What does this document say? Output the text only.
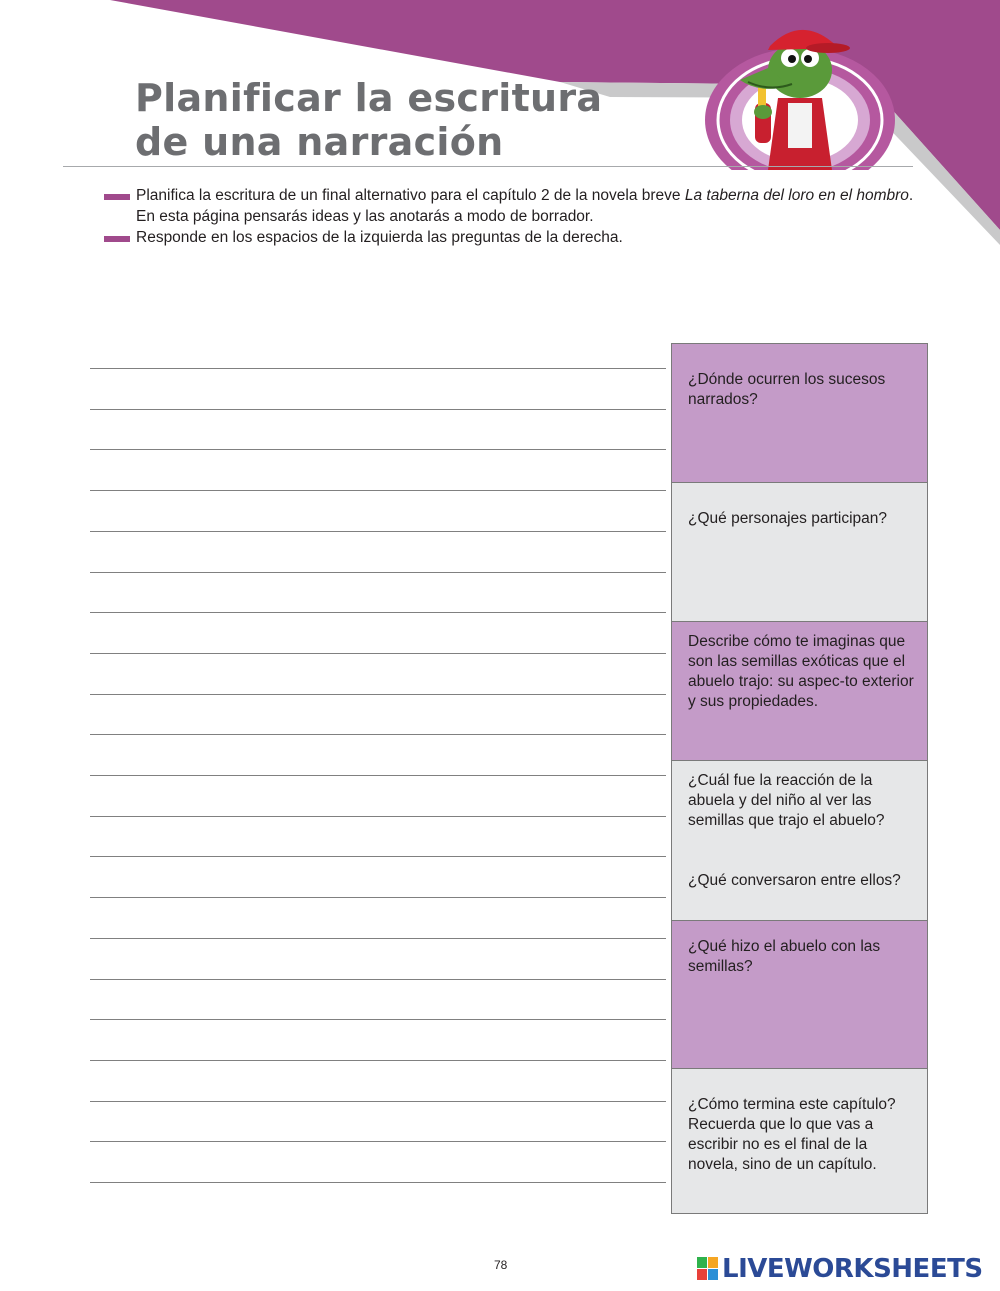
Planificar la escritura
de una narración
Planifica la escritura de un final alternativo para el capítulo 2 de la novela breve La taberna del loro en el hombro. En esta página pensarás ideas y las anotarás a modo de borrador.
Responde en los espacios de la izquierda las preguntas de la derecha.

¿Dónde ocurren los sucesos narrados?

¿Qué personajes participan?

Describe cómo te imaginas que son las semillas exóticas que el abuelo trajo: su aspec-to exterior y sus propiedades.

¿Cuál fue la reacción de la abuela y del niño al ver las semillas que trajo el abuelo?

¿Qué conversaron entre ellos?

¿Qué hizo el abuelo con las semillas?

¿Cómo termina este capítulo? Recuerda que lo que vas a escribir no es el final de la novela, sino de un capítulo.

78	LIVEWORKSHEETS
